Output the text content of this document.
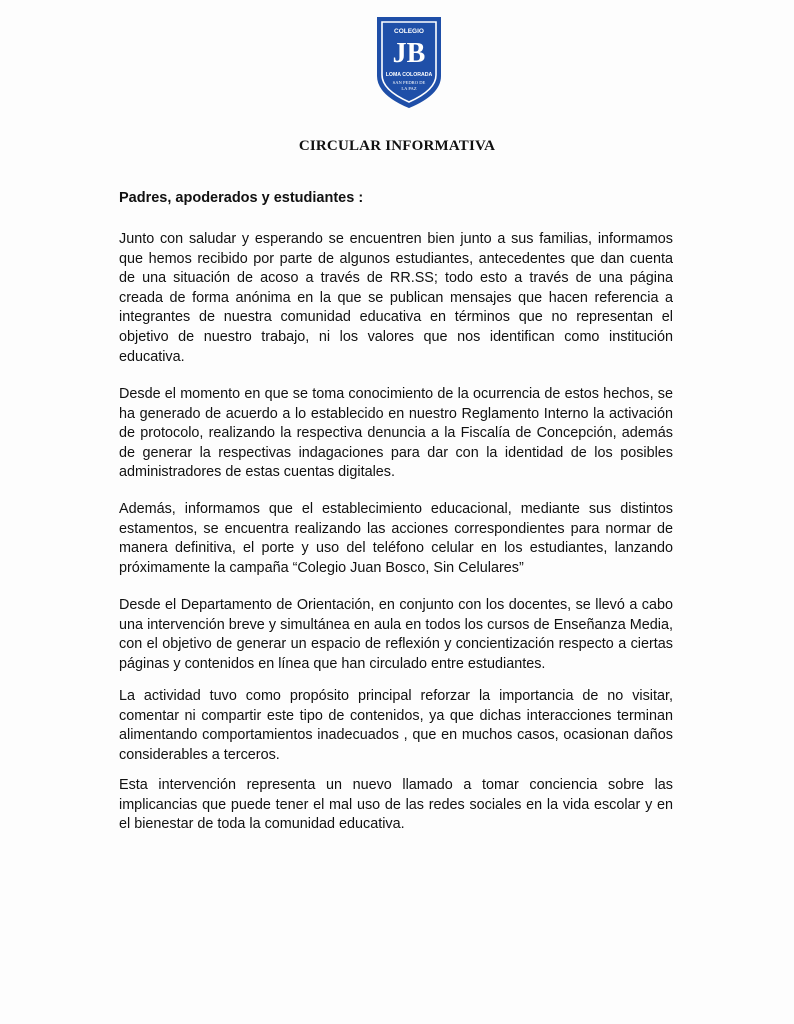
COLEGIO
JB
LOMA COLORADA
SAN PEDRO DE
LA PAZ
CIRCULAR INFORMATIVA
Padres, apoderados y estudiantes :
Junto con saludar y esperando se encuentren bien junto a sus familias, informamos que hemos recibido por parte de algunos estudiantes, antecedentes que dan cuenta de una situación de acoso a través de RR.SS; todo esto a través de una página creada de forma anónima en la que se publican mensajes que hacen referencia a integrantes de nuestra comunidad educativa en términos que no representan el objetivo de nuestro trabajo, ni los valores que nos identifican como institución educativa.
Desde el momento en que se toma conocimiento de la ocurrencia de estos hechos, se ha generado de acuerdo a lo establecido en nuestro Reglamento Interno la activación de protocolo, realizando la respectiva denuncia a la Fiscalía de Concepción, además de generar la respectivas indagaciones para dar con la identidad de los posibles administradores de estas cuentas digitales.
Además, informamos que el establecimiento educacional, mediante sus distintos estamentos, se encuentra realizando las acciones correspondientes para normar de manera definitiva, el porte y uso del teléfono celular en los estudiantes, lanzando próximamente la campaña “Colegio Juan Bosco, Sin Celulares”
Desde el Departamento de Orientación, en conjunto con los docentes, se llevó a cabo una intervención breve y simultánea en aula en todos los cursos de Enseñanza Media, con el objetivo de generar un espacio de reflexión y concientización respecto a ciertas páginas y contenidos en línea que han circulado entre estudiantes.
La actividad tuvo como propósito principal reforzar la importancia de no visitar, comentar ni compartir este tipo de contenidos, ya que dichas interacciones terminan alimentando comportamientos inadecuados , que en muchos casos, ocasionan daños considerables a terceros.
Esta intervención representa un nuevo llamado a tomar conciencia sobre las implicancias que puede tener el mal uso de las redes sociales en la vida escolar y en el bienestar de toda la comunidad educativa.
